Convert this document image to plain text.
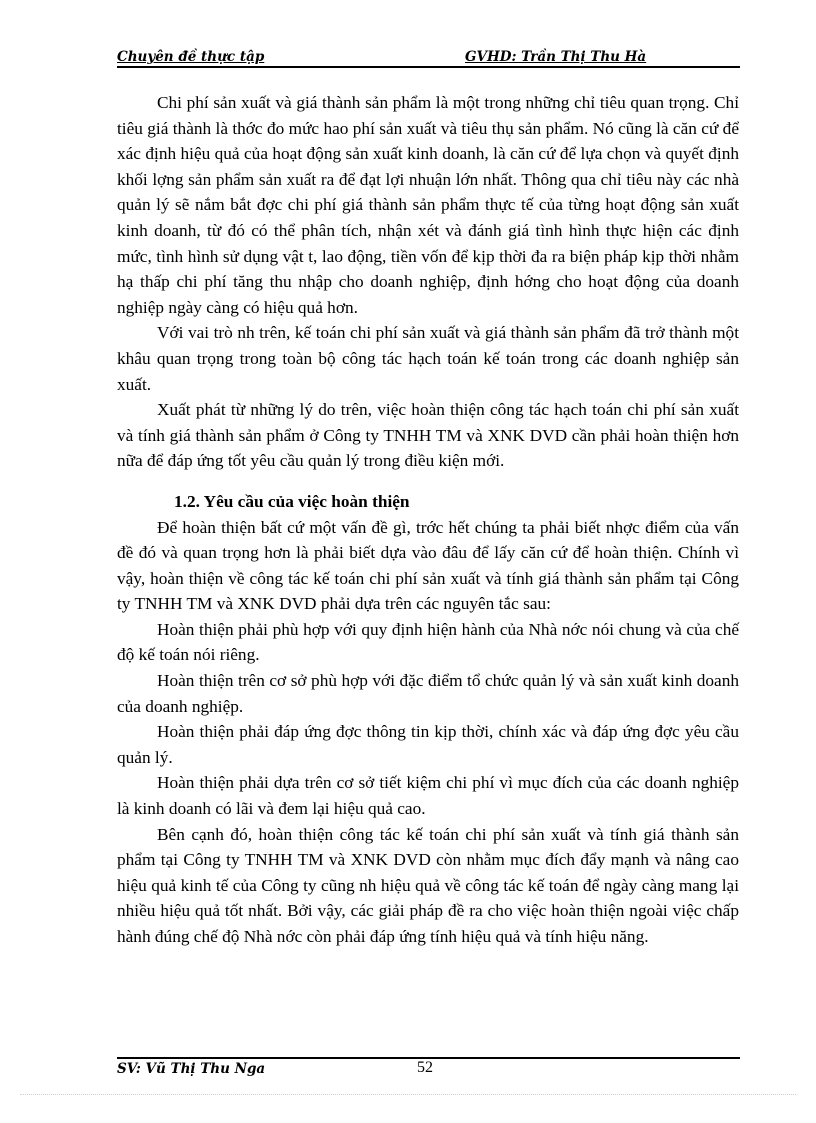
Chuyên đề thực tập	GVHD: Trần Thị Thu Hà

Chi phí sản xuất và giá thành sản phẩm là một trong những chỉ tiêu quan trọng. Chỉ tiêu giá thành là thớc đo mức hao phí sản xuất và tiêu thụ sản phẩm. Nó cũng là căn cứ để xác định hiệu quả của hoạt động sản xuất kinh doanh, là căn cứ để lựa chọn và quyết định khối lợng sản phẩm sản xuất ra để đạt lợi nhuận lớn nhất. Thông qua chỉ tiêu này các nhà quản lý sẽ nắm bắt đợc chi phí giá thành sản phẩm thực tế của từng hoạt động sản xuất kinh doanh, từ đó có thể phân tích, nhận xét và đánh giá tình hình thực hiện các định mức, tình hình sử dụng vật t, lao động, tiền vốn để kịp thời đa ra biện pháp kịp thời nhằm hạ thấp chi phí tăng thu nhập cho doanh nghiệp, định hớng cho hoạt động của doanh nghiệp ngày càng có hiệu quả hơn.

Với vai trò nh trên, kế toán chi phí sản xuất và giá thành sản phẩm đã trở thành một khâu quan trọng trong toàn bộ công tác hạch toán kế toán trong các doanh nghiệp sản xuất.

Xuất phát từ những lý do trên, việc hoàn thiện công tác hạch toán chi phí sản xuất và tính giá thành sản phẩm ở Công ty TNHH TM và XNK DVD cần phải hoàn thiện hơn nữa để đáp ứng tốt yêu cầu quản lý trong điều kiện mới.

1.2. Yêu cầu của việc hoàn thiện

Để hoàn thiện bất cứ một vấn đề gì, trớc hết chúng ta phải biết nhợc điểm của vấn đề đó và quan trọng hơn là phải biết dựa vào đâu để lấy căn cứ để hoàn thiện. Chính vì vậy, hoàn thiện về công tác kế toán chi phí sản xuất và tính giá thành sản phẩm tại Công ty TNHH TM và XNK DVD phải dựa trên các nguyên tắc sau:

Hoàn thiện phải phù hợp với quy định hiện hành của Nhà nớc nói chung và của chế độ kế toán nói riêng.

Hoàn thiện trên cơ sở phù hợp với đặc điểm tổ chức quản lý và sản xuất kinh doanh của doanh nghiệp.

Hoàn thiện phải đáp ứng đợc thông tin kịp thời, chính xác và đáp ứng đợc yêu cầu quản lý.

Hoàn thiện phải dựa trên cơ sở tiết kiệm chi phí vì mục đích của các doanh nghiệp là kinh doanh có lãi và đem lại hiệu quả cao.

Bên cạnh đó, hoàn thiện công tác kế toán chi phí sản xuất và tính giá thành sản phẩm tại Công ty TNHH TM và XNK DVD còn nhằm mục đích đẩy mạnh và nâng cao hiệu quả kinh tế của Công ty cũng nh hiệu quả về công tác kế toán để ngày càng mang lại nhiều hiệu quả tốt nhất. Bởi vậy, các giải pháp đề ra cho việc hoàn thiện ngoài việc chấp hành đúng chế độ Nhà nớc còn phải đáp ứng tính hiệu quả và tính hiệu năng.

SV: Vũ Thị Thu Nga	52
